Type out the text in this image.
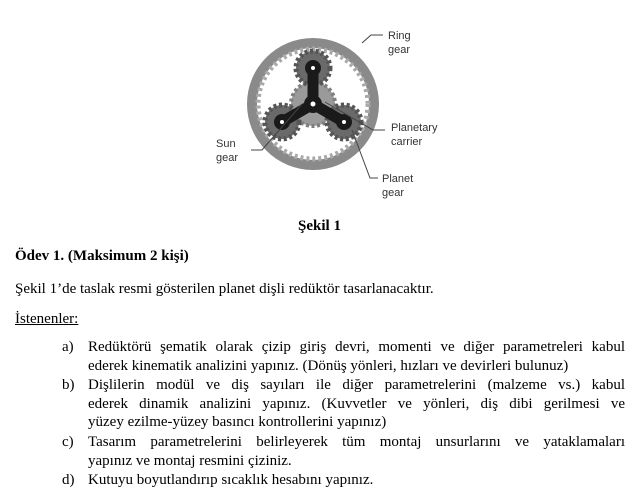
Ring gear
Planetary carrier
Sun gear
Planet gear
Şekil 1
Ödev 1. (Maksimum 2 kişi)
Şekil 1’de taslak resmi gösterilen planet dişli redüktör tasarlanacaktır.
İstenenler:
a) Redüktörü şematik olarak çizip giriş devri, momenti ve diğer parametreleri kabul
ederek kinematik analizini yapınız. (Dönüş yönleri, hızları ve devirleri bulunuz)
b) Dişlilerin modül ve diş sayıları ile diğer parametrelerini (malzeme vs.) kabul
ederek dinamik analizini yapınız. (Kuvvetler ve yönleri, diş dibi gerilmesi ve
yüzey ezilme-yüzey basıncı kontrollerini yapınız)
c) Tasarım parametrelerini belirleyerek tüm montaj unsurlarını ve yataklamaları
yapınız ve montaj resmini çiziniz.
d) Kutuyu boyutlandırıp sıcaklık hesabını yapınız.
